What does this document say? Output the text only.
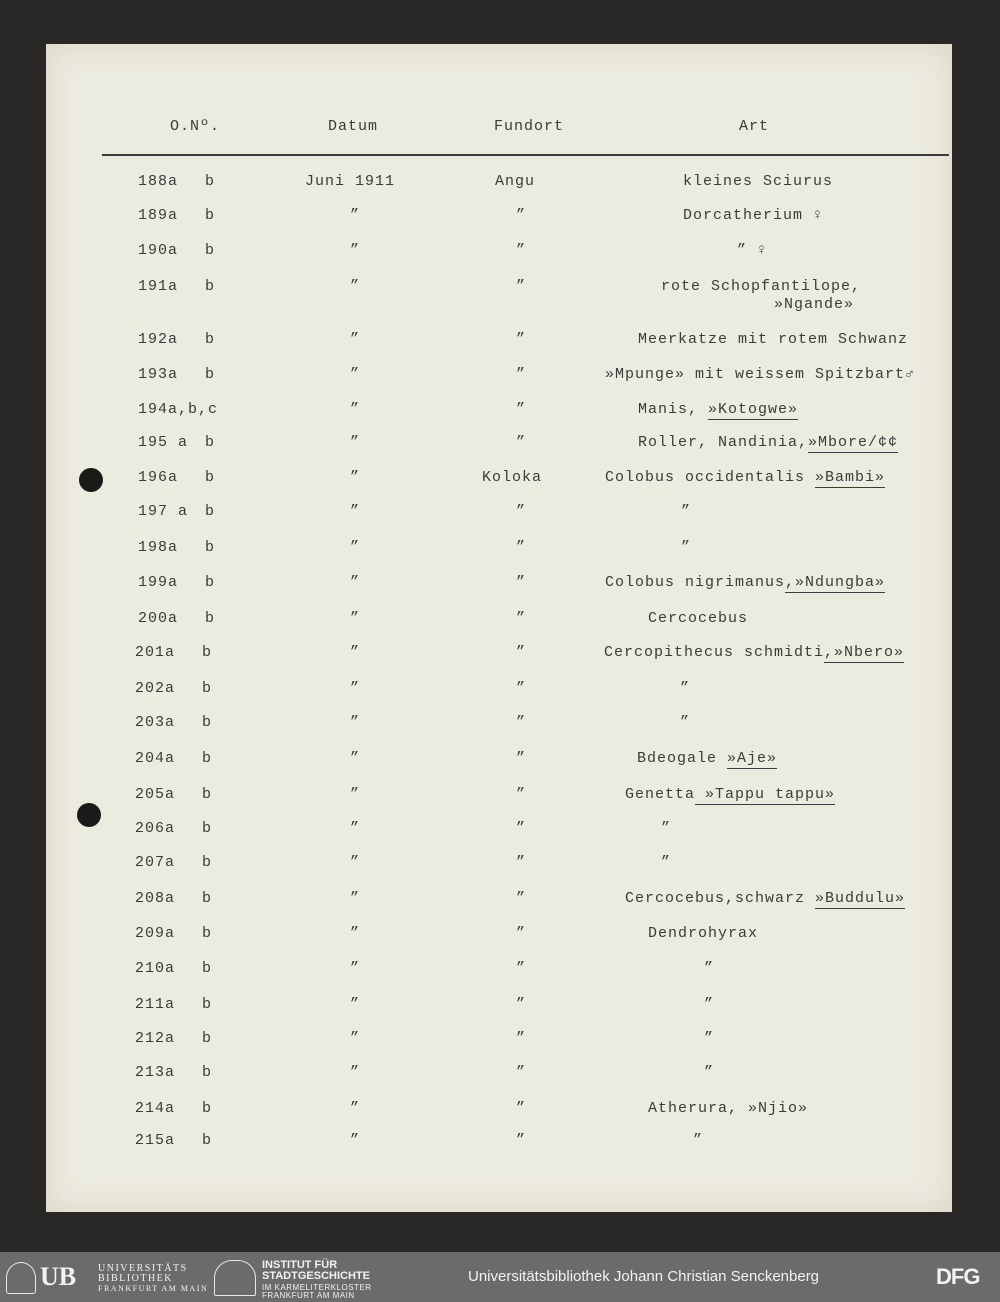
O.Nº.	Datum	Fundort	Art
188a b	Juni 1911	Angu	kleines Sciurus
189a b	”	”	Dorcatherium ♀
190a b	”	”	” ♀
191a b	”	”	rote Schopfantilope,
»Ngande»
192a b	”	”	Meerkatze mit rotem Schwanz
193a b	”	”	»Mpunge» mit weissem Spitzbart♂
194a,b,c	”	”	Manis, »Kotogwe»
195 a b	”	”	Roller, Nandinia,»Mbore/¢¢
196a b	”	Koloka	Colobus occidentalis »Bambi»
197 a b	”	”	”
198a b	”	”	”
199a b	”	”	Colobus nigrimanus,»Ndungba»
200a b	”	”	Cercocebus
201a b	”	”	Cercopithecus schmidti,»Nbero»
202a b	”	”	”
203a b	”	”	”
204a b	”	”	Bdeogale »Aje»
205a b	”	”	Genetta »Tappu tappu»
206a b	”	”	”
207a b	”	”	”
208a b	”	”	Cercocebus,schwarz »Buddulu»
209a b	”	”	Dendrohyrax
210a b	”	”	”
211a b	”	”	”
212a b	”	”	”
213a b	”	”	”
214a b	”	”	Atherura, »Njio»
215a b	”	”	”
UB UNIVERSITÄTS
BIBLIOTHEK
FRANKFURT AM MAIN
INSTITUT FÜR
STADTGESCHICHTE
IM KARMELITERKLOSTER
FRANKFURT AM MAIN
Universitätsbibliothek Johann Christian Senckenberg	DFG
